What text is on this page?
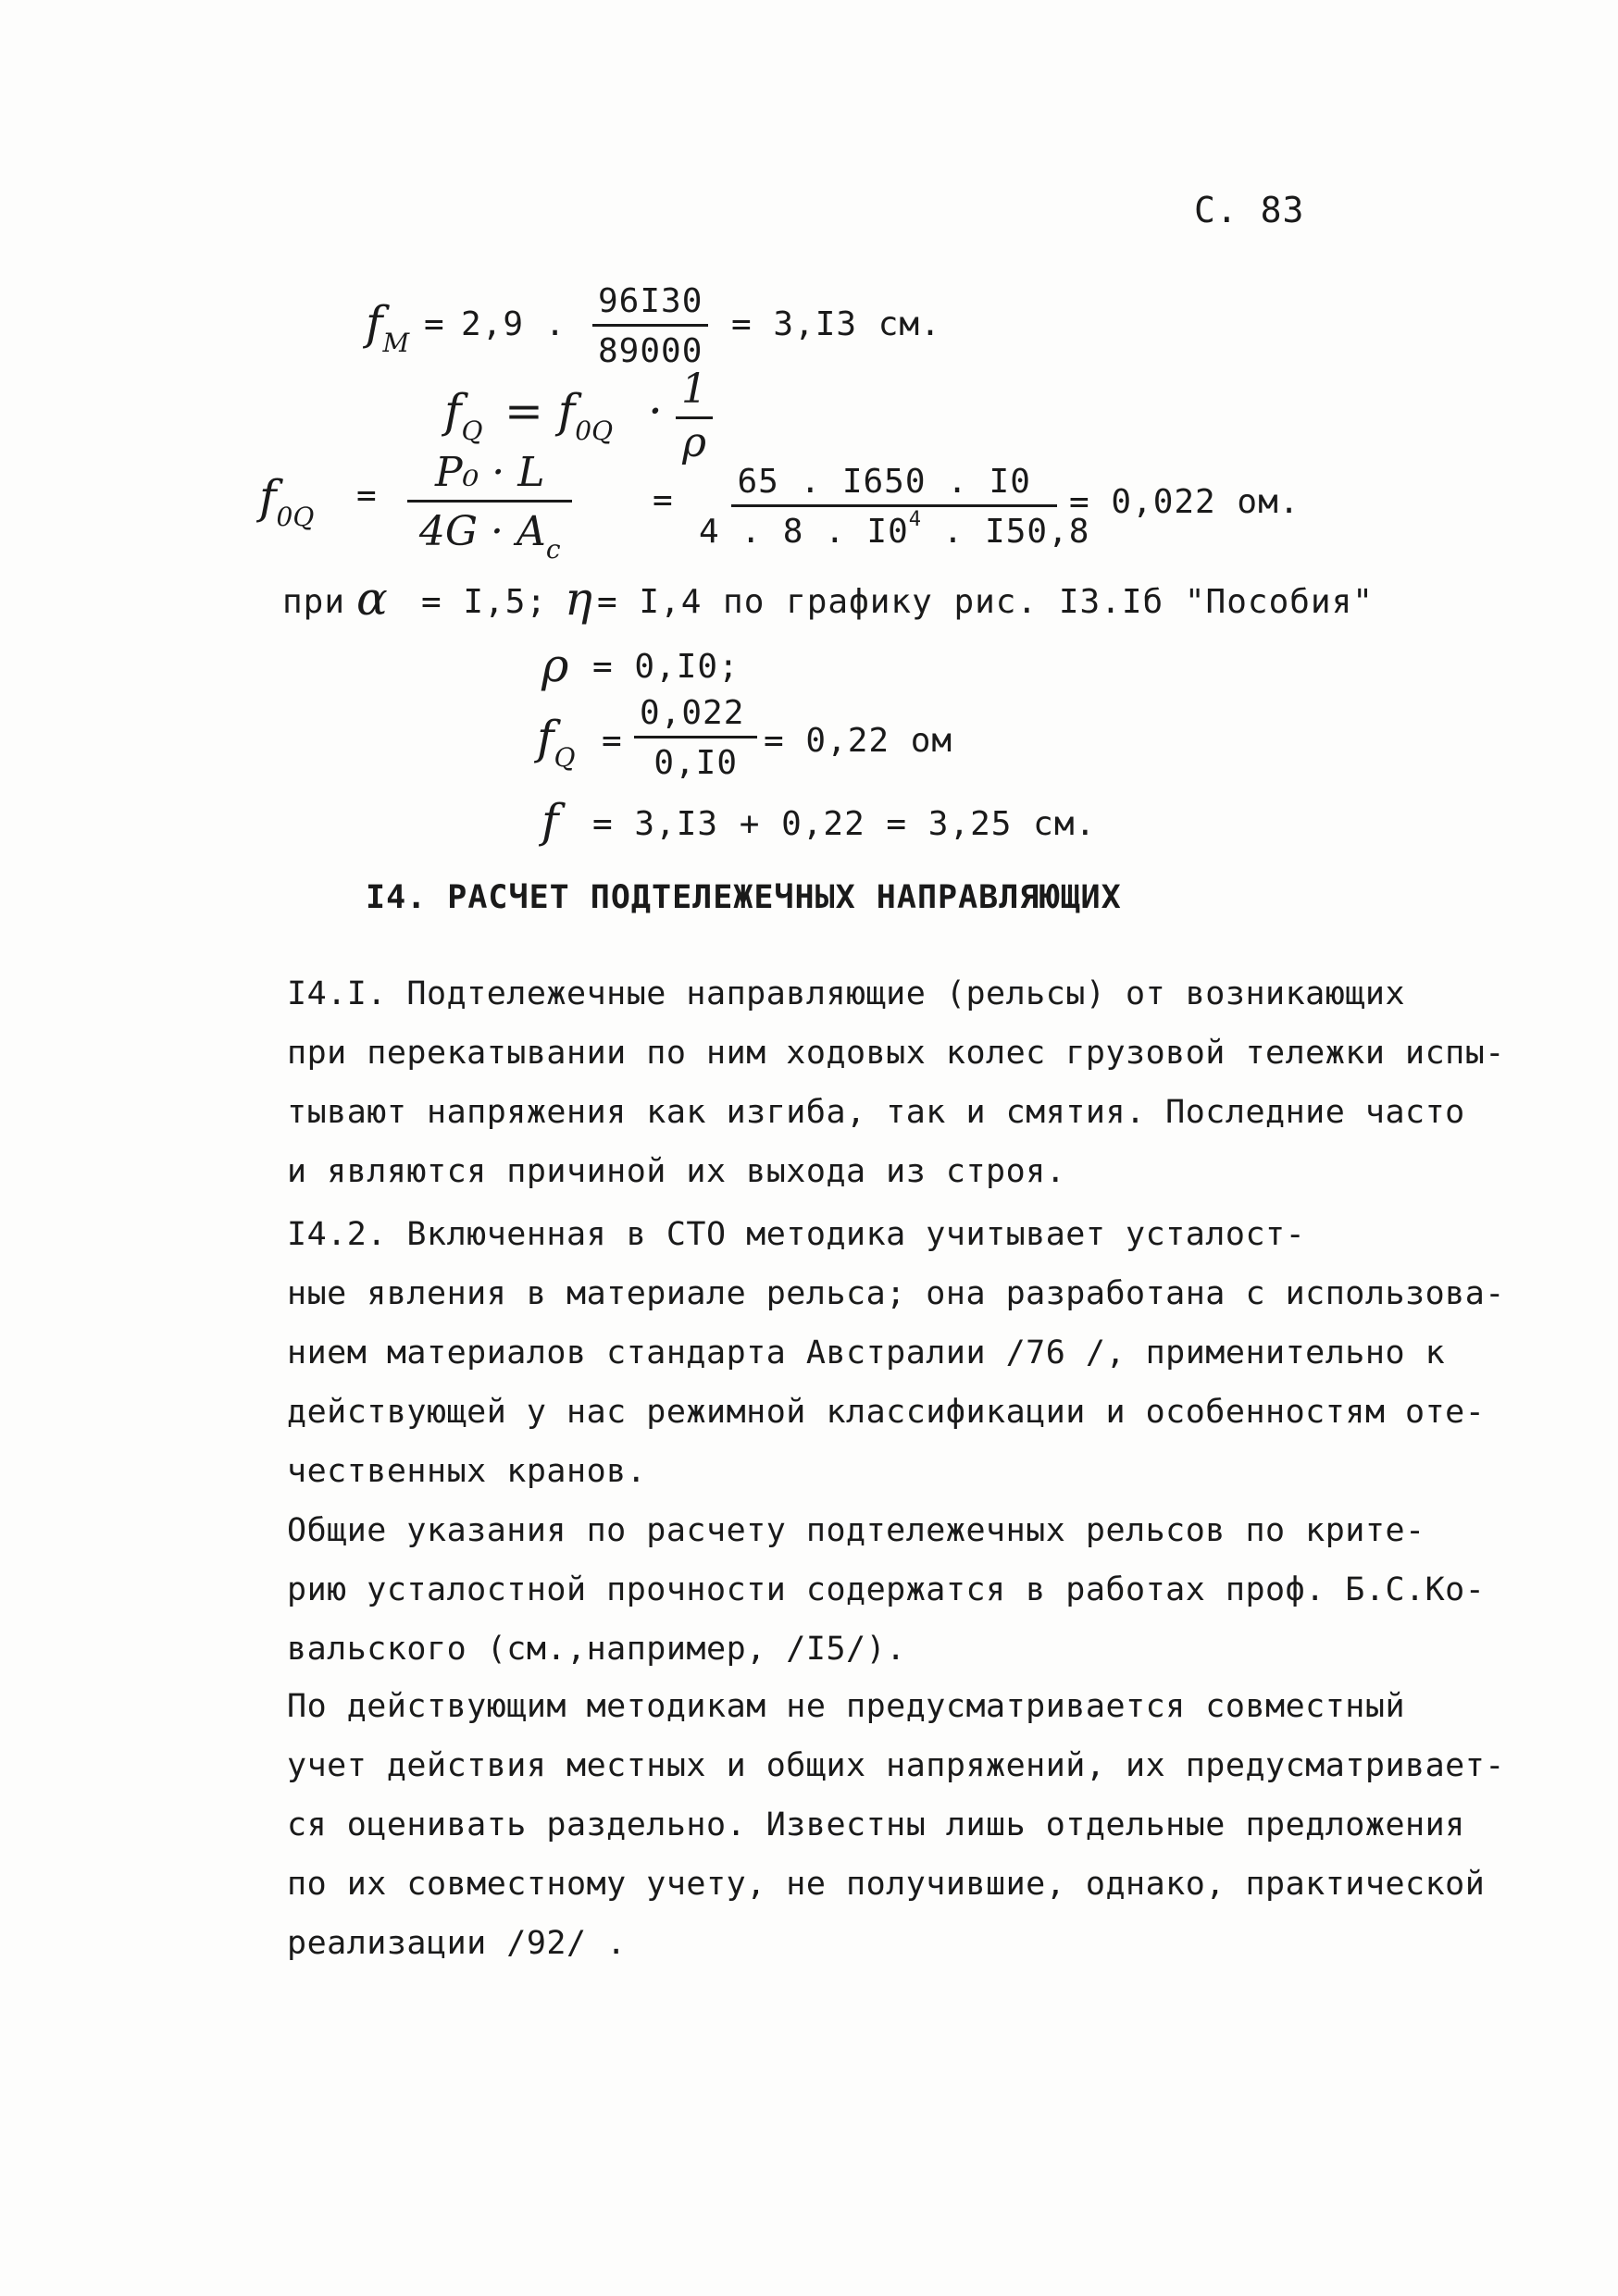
С. 83
$f_M = 2,9$ . $\frac{96I30}{89000} = 3,I3$ см.
$f_Q = f_{0Q} \cdot \frac{1}{\rho}$
$f_{0Q}$
= $\frac{\text{P₀ · L}}{4G \cdot A_c} = \frac{65 . I650 . I0}{4 . 8 . I0^4 . I50,8}$
= 0,022 ом.
при α = I,5; η = I,4 по графику рис. I3.Iб "Пособия"
ρ = 0,I0;
$f_Q = \frac{0,022}{0,I0} = 0,22$ ом
f = 3,I3 + 0,22 = 3,25 см.
I4. РАСЧЕТ ПОДТЕЛЕЖЕЧНЫХ НАПРАВЛЯЮЩИХ
I4.I. Подтележечные направляющие (рельсы) от возникающих
при перекатывании по ним ходовых колес грузовой тележки испы-
тывают напряжения как изгиба, так и смятия. Последние часто
и являются причиной их выхода из строя.
I4.2. Включенная в СТО методика учитывает усталост-
ные явления в материале рельса; она разработана с использова-
нием материалов стандарта Австралии /76 /, применительно к
действующей у нас режимной классификации и особенностям оте-
чественных кранов.
Общие указания по расчету подтележечных рельсов по крите-
рию усталостной прочности содержатся в работах проф. Б.С.Ко-
вальского (см.,например, /I5/).
По действующим методикам не предусматривается совместный
учет действия местных и общих напряжений, их предусматривает-
ся оценивать раздельно. Известны лишь отдельные предложения
по их совместному учету, не получившие, однако, практической
реализации /92/ .
